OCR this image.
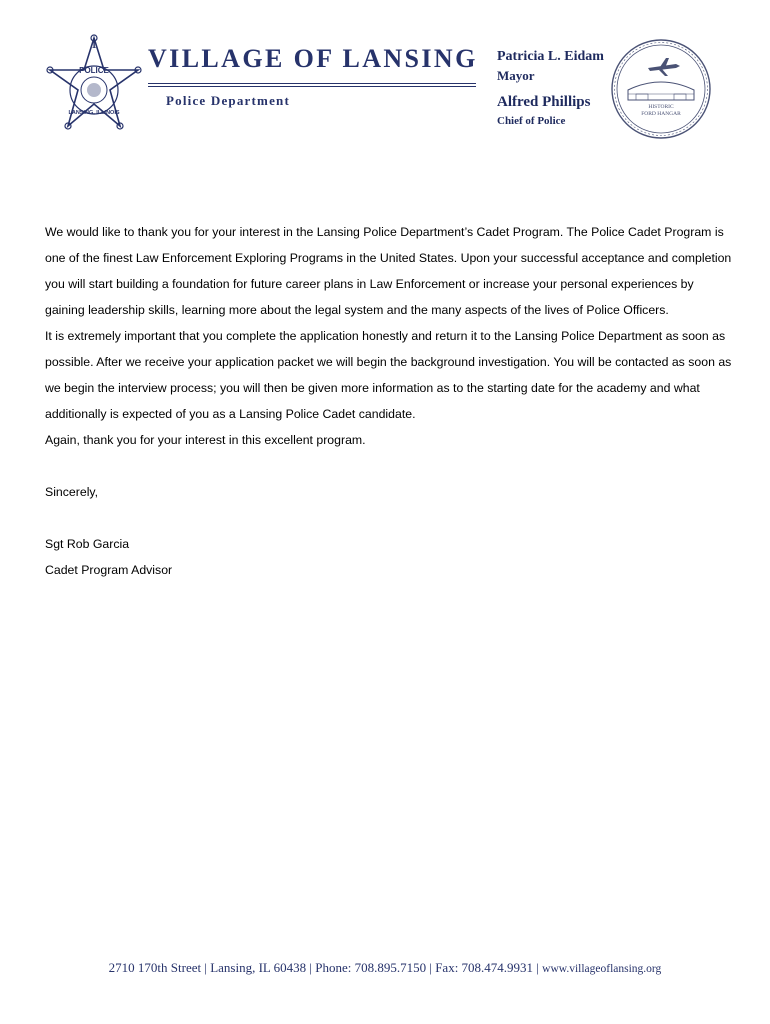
1
POLICE
LANSING, ILLINOIS
VILLAGE OF LANSING
Police Department
Patricia L. Eidam
Mayor
Alfred Phillips
Chief of Police
HISTORIC
FORD HANGAR

We would like to thank you for your interest in the Lansing Police Department’s Cadet Program. The Police Cadet Program is one of the finest Law Enforcement Exploring Programs in the United States. Upon your successful acceptance and completion you will start building a foundation for future career plans in Law Enforcement or increase your personal experiences by gaining leadership skills, learning more about the legal system and the many aspects of the lives of Police Officers.

It is extremely important that you complete the application honestly and return it to the Lansing Police Department as soon as possible. After we receive your application packet we will begin the background investigation. You will be contacted as soon as we begin the interview process; you will then be given more information as to the starting date for the academy and what additionally is expected of you as a Lansing Police Cadet candidate.

Again, thank you for your interest in this excellent program.

Sincerely,

Sgt Rob Garcia

Cadet Program Advisor

2710 170th Street | Lansing, IL 60438 | Phone: 708.895.7150 | Fax: 708.474.9931 | www.villageoflansing.org
